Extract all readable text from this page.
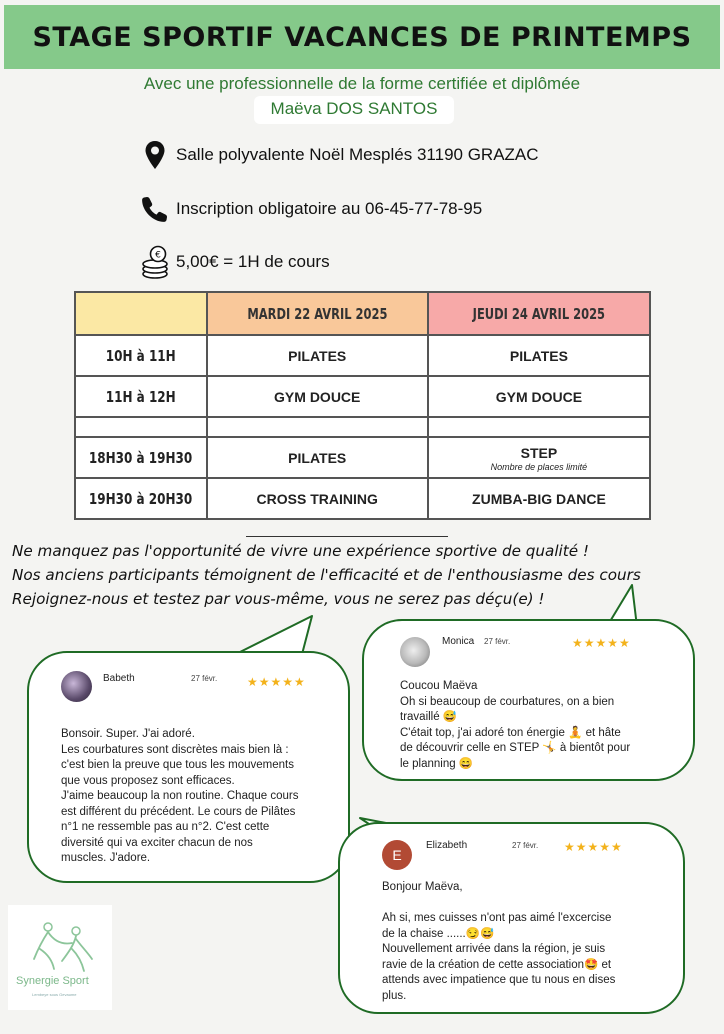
STAGE SPORTIF VACANCES DE PRINTEMPS
Avec une professionnelle de la forme certifiée et diplômée
Maëva DOS SANTOS
Salle polyvalente Noël Mesplés 31190 GRAZAC
Inscription obligatoire au 06-45-77-78-95
€ 5,00€ = 1H de cours
	MARDI 22 AVRIL 2025	JEUDI 24 AVRIL 2025
10H à 11H	PILATES	PILATES
11H à 12H	GYM DOUCE	GYM DOUCE

18H30 à 19H30	PILATES	STEP
Nombre de places limité

19H30 à 20H30	CROSS TRAINING	ZUMBA-BIG DANCE
Ne manquez pas l'opportunité de vivre une expérience sportive de qualité !
Nos anciens participants témoignent de l'efficacité et de l'enthousiasme des cours
Rejoignez-nous et testez par vous-même, vous ne serez pas déçu(e) !
Babeth	27 févr. ★★★★★
Bonsoir. Super. J'ai adoré.
Les courbatures sont discrètes mais bien là :
c'est bien la preuve que tous les mouvements
que vous proposez sont efficaces.
J'aime beaucoup la non routine. Chaque cours
est différent du précédent. Le cours de Pilâtes
n°1 ne ressemble pas au n°2. C'est cette
diversité qui va exciter chacun de nos
muscles. J'adore.
Monica 27 févr.	★★★★★
Coucou Maëva
Oh si beaucoup de courbatures, on a bien
travaillé 😅
C'était top, j'ai adoré ton énergie 🧘 et hâte
de découvrir celle en STEP 🤸 à bientôt pour
le planning 😄
E
Elizabeth	27 févr. ★★★★★
Bonjour Maëva,
Ah si, mes cuisses n'ont pas aimé l'excercise
de la chaise ......😏😅
Nouvellement arrivée dans la région, je suis
ravie de la création de cette association🤩 et
attends avec impatience que tu nous en dises
plus.
Synergie Sport
Lembeye sous Gevaume
